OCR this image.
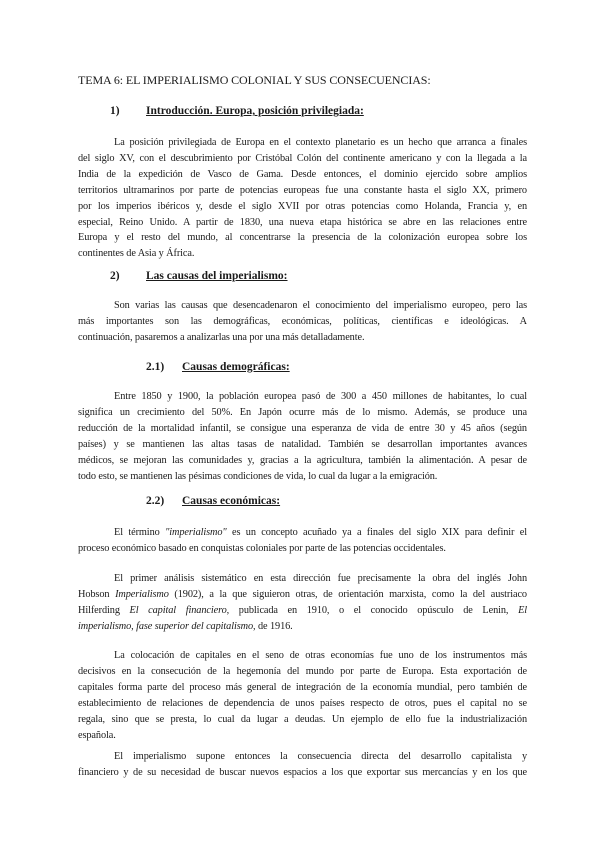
TEMA 6: EL IMPERIALISMO COLONIAL Y SUS CONSECUENCIAS:
1) Introducción. Europa, posición privilegiada:
La posición privilegiada de Europa en el contexto planetario es un hecho que arranca a finales
del siglo XV, con el descubrimiento por Cristóbal Colón del continente americano y con la llegada a la
India de la expedición de Vasco de Gama. Desde entonces, el dominio ejercido sobre amplios
territorios ultramarinos por parte de potencias europeas fue una constante hasta el siglo XX, primero
por los imperios ibéricos y, desde el siglo XVII por otras potencias como Holanda, Francia y, en
especial, Reino Unido. A partir de 1830, una nueva etapa histórica se abre en las relaciones entre
Europa y el resto del mundo, al concentrarse la presencia de la colonización europea sobre los
continentes de Asia y África.
2) Las causas del imperialismo:
Son varias las causas que desencadenaron el conocimiento del imperialismo europeo, pero las
más importantes son las demográficas, económicas, políticas, científicas e ideológicas. A
continuación, pasaremos a analizarlas una por una más detalladamente.
2.1) Causas demográficas:
Entre 1850 y 1900, la población europea pasó de 300 a 450 millones de habitantes, lo cual
significa un crecimiento del 50%. En Japón ocurre más de lo mismo. Además, se produce una
reducción de la mortalidad infantil, se consigue una esperanza de vida de entre 30 y 45 años (según
países) y se mantienen las altas tasas de natalidad. También se desarrollan importantes avances
médicos, se mejoran las comunidades y, gracias a la agricultura, también la alimentación. A pesar de
todo esto, se mantienen las pésimas condiciones de vida, lo cual da lugar a la emigración.
2.2) Causas económicas:
El término "imperialismo" es un concepto acuñado ya a finales del siglo XIX para definir el
proceso económico basado en conquistas coloniales por parte de las potencias occidentales.
El primer análisis sistemático en esta dirección fue precisamente la obra del inglés John
Hobson Imperialismo (1902), a la que siguieron otras, de orientación marxista, como la del austriaco
Hilferding El capital financiero, publicada en 1910, o el conocido opúsculo de Lenin, El
imperialismo, fase superior del capitalismo, de 1916.
La colocación de capitales en el seno de otras economías fue uno de los instrumentos más
decisivos en la consecución de la hegemonía del mundo por parte de Europa. Esta exportación de
capitales forma parte del proceso más general de integración de la economía mundial, pero también de
establecimiento de relaciones de dependencia de unos países respecto de otros, pues el capital no se
regala, sino que se presta, lo cual da lugar a deudas. Un ejemplo de ello fue la industrialización
española.
El imperialismo supone entonces la consecuencia directa del desarrollo capitalista y
financiero y de su necesidad de buscar nuevos espacios a los que exportar sus mercancías y en los que
